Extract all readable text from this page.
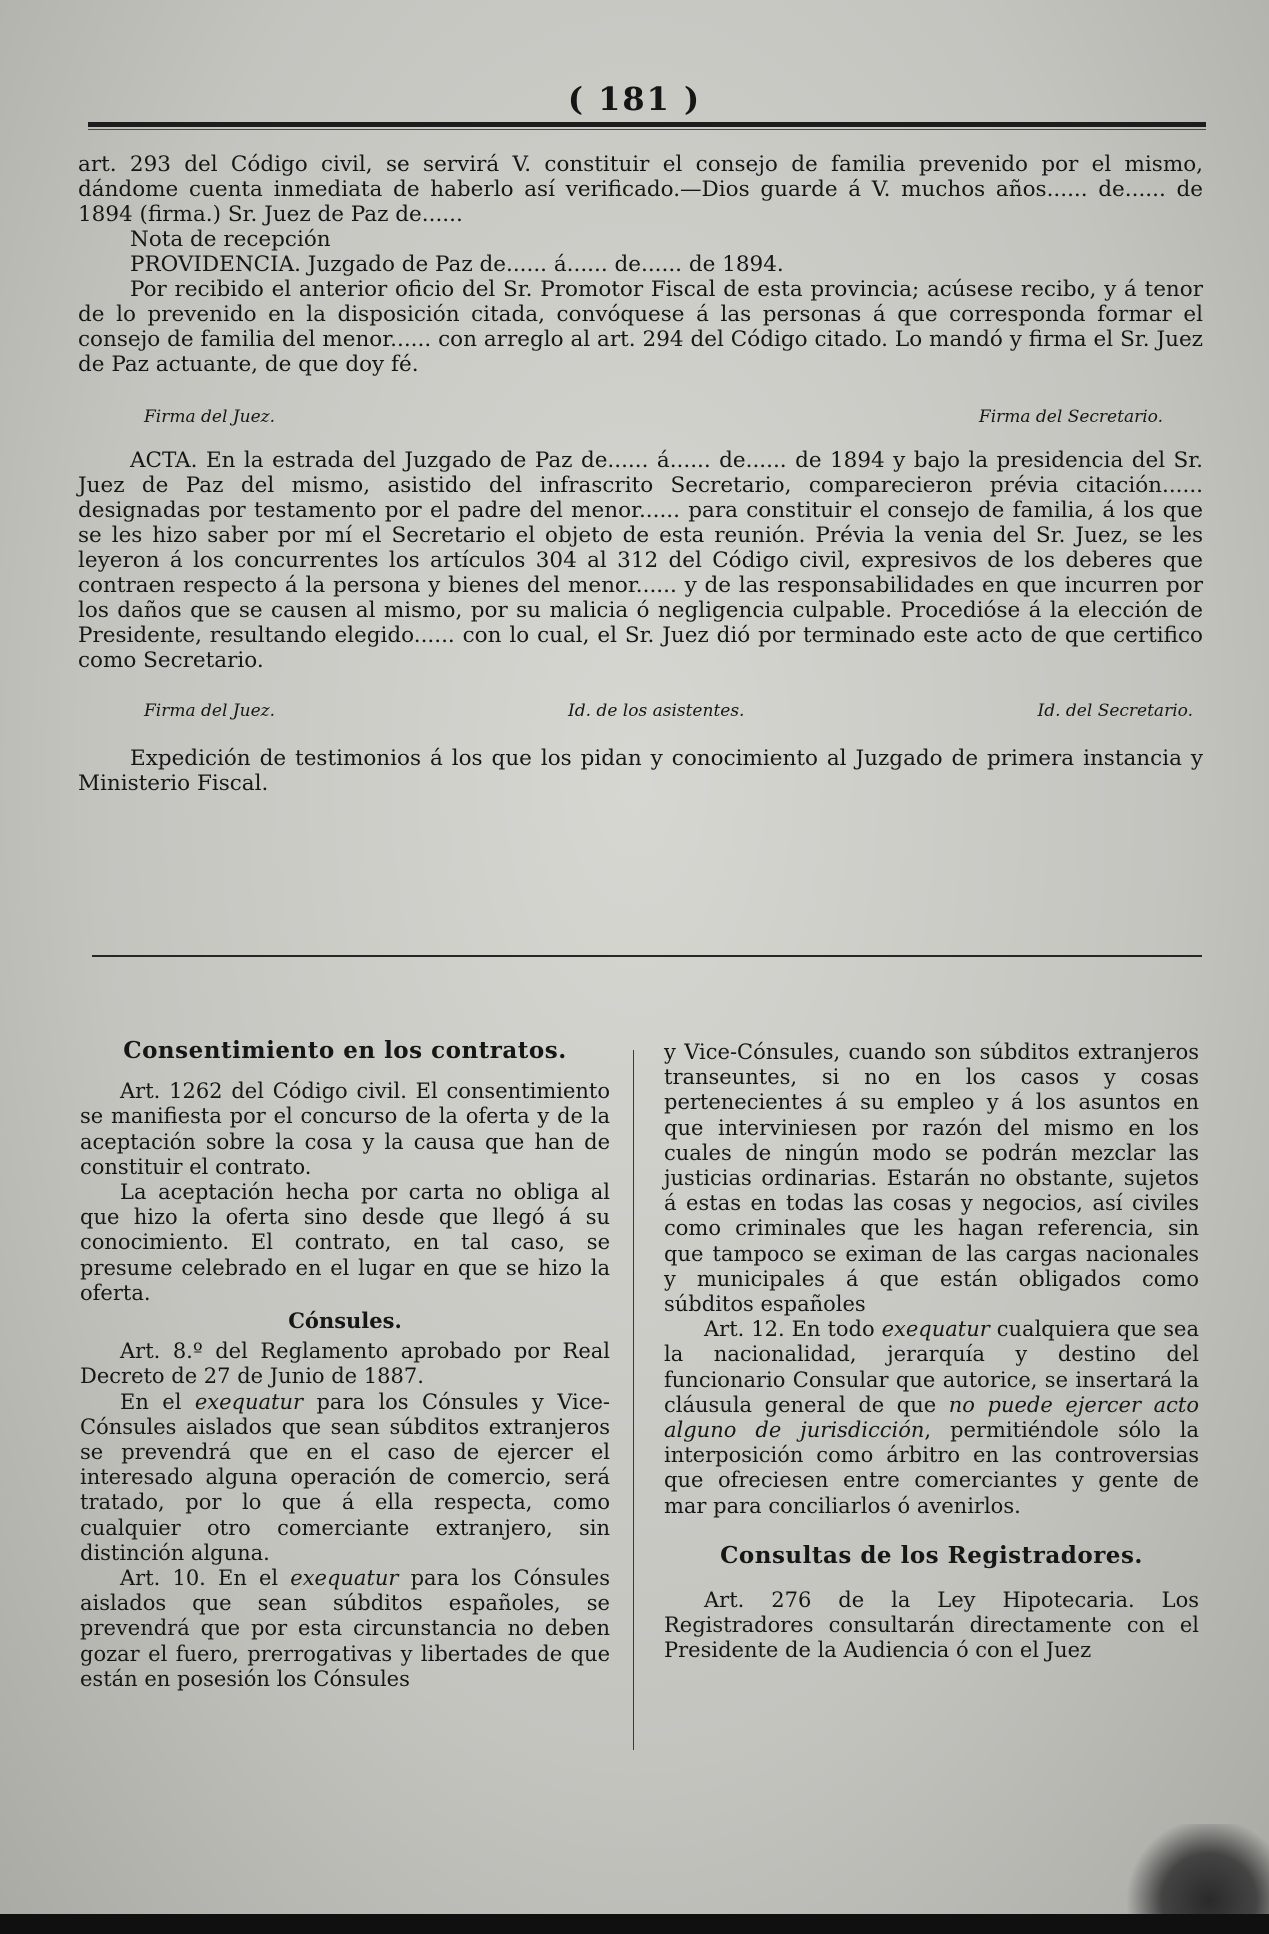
( 181 )

art. 293 del Código civil, se servirá V. constituir el consejo de familia prevenido por el mismo, dándome cuenta inmediata de haberlo así verificado.—Dios guarde á V. muchos años...... de...... de 1894 (firma.) Sr. Juez de Paz de......

Nota de recepción

PROVIDENCIA. Juzgado de Paz de...... á...... de...... de 1894.

Por recibido el anterior oficio del Sr. Promotor Fiscal de esta provincia; acúsese recibo, y á tenor de lo prevenido en la disposición citada, convóquese á las personas á que corresponda formar el consejo de familia del menor...... con arreglo al art. 294 del Código citado. Lo mandó y firma el Sr. Juez de Paz actuante, de que doy fé.

Firma del Juez.	Firma del Secretario.

ACTA. En la estrada del Juzgado de Paz de...... á...... de...... de 1894 y bajo la presidencia del Sr. Juez de Paz del mismo, asistido del infrascrito Secretario, comparecieron prévia citación...... designadas por testamento por el padre del menor...... para constituir el consejo de familia, á los que se les hizo saber por mí el Secretario el objeto de esta reunión. Prévia la venia del Sr. Juez, se les leyeron á los concurrentes los artículos 304 al 312 del Código civil, expresivos de los deberes que contraen respecto á la persona y bienes del menor...... y de las responsabilidades en que incurren por los daños que se causen al mismo, por su malicia ó negligencia culpable. Procedióse á la elección de Presidente, resultando elegido...... con lo cual, el Sr. Juez dió por terminado este acto de que certifico como Secretario.

Firma del Juez.	Id. de los asistentes.	Id. del Secretario.

Expedición de testimonios á los que los pidan y conocimiento al Juzgado de primera instancia y Ministerio Fiscal.

Consentimiento en los contratos.

Art. 1262 del Código civil. El consentimiento se manifiesta por el concurso de la oferta y de la aceptación sobre la cosa y la causa que han de constituir el contrato.

La aceptación hecha por carta no obliga al que hizo la oferta sino desde que llegó á su conocimiento. El contrato, en tal caso, se presume celebrado en el lugar en que se hizo la oferta.

Cónsules.

Art. 8.º del Reglamento aprobado por Real Decreto de 27 de Junio de 1887.

En el exequatur para los Cónsules y Vice-Cónsules aislados que sean súbditos extranjeros se prevendrá que en el caso de ejercer el interesado alguna operación de comercio, será tratado, por lo que á ella respecta, como cualquier otro comerciante extranjero, sin distinción alguna.

Art. 10. En el exequatur para los Cónsules aislados que sean súbditos españoles, se prevendrá que por esta circunstancia no deben gozar el fuero, prerrogativas y libertades de que están en posesión los Cónsules

y Vice-Cónsules, cuando son súbditos extranjeros transeuntes, si no en los casos y cosas pertenecientes á su empleo y á los asuntos en que interviniesen por razón del mismo en los cuales de ningún modo se podrán mezclar las justicias ordinarias. Estarán no obstante, sujetos á estas en todas las cosas y negocios, así civiles como criminales que les hagan referencia, sin que tampoco se eximan de las cargas nacionales y municipales á que están obligados como súbditos españoles

Art. 12. En todo exequatur cualquiera que sea la nacionalidad, jerarquía y destino del funcionario Consular que autorice, se insertará la cláusula general de que no puede ejercer acto alguno de jurisdicción, permitiéndole sólo la interposición como árbitro en las controversias que ofreciesen entre comerciantes y gente de mar para conciliarlos ó avenirlos.

Consultas de los Registradores.

Art. 276 de la Ley Hipotecaria. Los Registradores consultarán directamente con el Presidente de la Audiencia ó con el Juez
